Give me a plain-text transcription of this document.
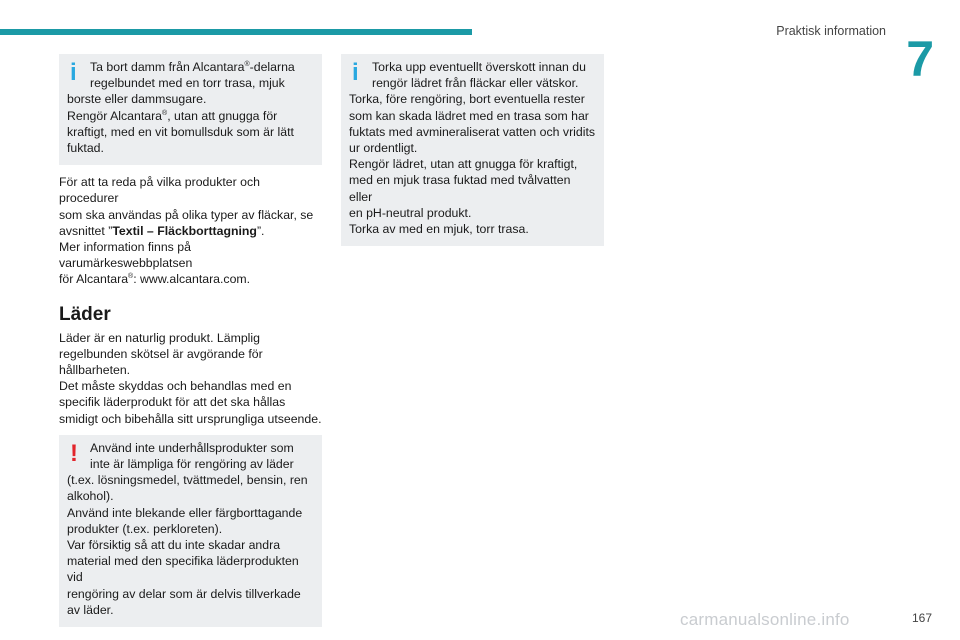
Praktisk information 7
i	Ta bort damm från Alcantara®-delarna

regelbundet med en torr trasa, mjuk

borste eller dammsugare.

Rengör Alcantara®, utan att gnugga för

kraftigt, med en vit bomullsduk som är lätt

fuktad.

För att ta reda på vilka produkter och procedurer

som ska användas på olika typer av fläckar, se

avsnittet ”Textil – Fläckborttagning”.

Mer information finns på varumärkeswebbplatsen

för Alcantara®: www.alcantara.com.

Läder

Läder är en naturlig produkt. Lämplig

regelbunden skötsel är avgörande för

hållbarheten.

Det måste skyddas och behandlas med en

specifik läderprodukt för att det ska hållas

smidigt och bibehålla sitt ursprungliga utseende.

! Använd inte underhållsprodukter som

inte är lämpliga för rengöring av läder

(t.ex. lösningsmedel, tvättmedel, bensin, ren

alkohol).

Använd inte blekande eller färgborttagande

produkter (t.ex. perkloreten).

Var försiktig så att du inte skadar andra

material med den specifika läderprodukten vid

rengöring av delar som är delvis tillverkade

av läder.

i	Torka upp eventuellt överskott innan du

rengör lädret från fläckar eller vätskor.

Torka, före rengöring, bort eventuella rester

som kan skada lädret med en trasa som har

fuktats med avmineraliserat vatten och vridits

ur ordentligt.

Rengör lädret, utan att gnugga för kraftigt,

med en mjuk trasa fuktad med tvålvatten eller

en pH-neutral produkt.

Torka av med en mjuk, torr trasa.

carmanualsonline.info	167
